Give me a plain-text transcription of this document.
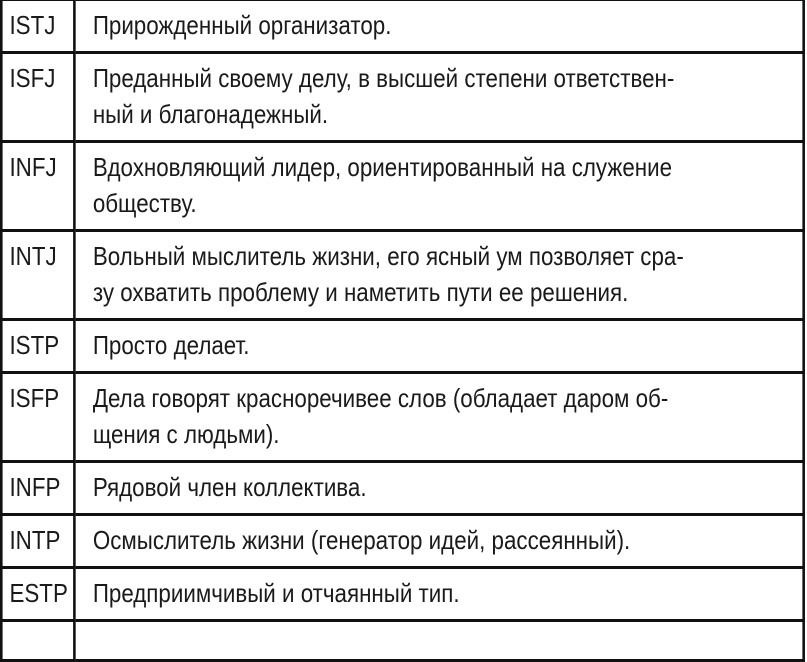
ISTJ	Прирожденный организатор.
ISFJ	Преданный своему делу, в высшей степени ответствен-
ный и благонадежный.
INFJ	Вдохновляющий лидер, ориентированный на служение
обществу.
INTJ	Вольный мыслитель жизни, его ясный ум позволяет сра-
зу охватить проблему и наметить пути ее решения.
ISTP	Просто делает.
ISFP	Дела говорят красноречивее слов (обладает даром об-
щения с людьми).
INFP	Рядовой член коллектива.
INTP	Осмыслитель жизни (генератор идей, рассеянный).
ESTP	Предприимчивый и отчаянный тип.
